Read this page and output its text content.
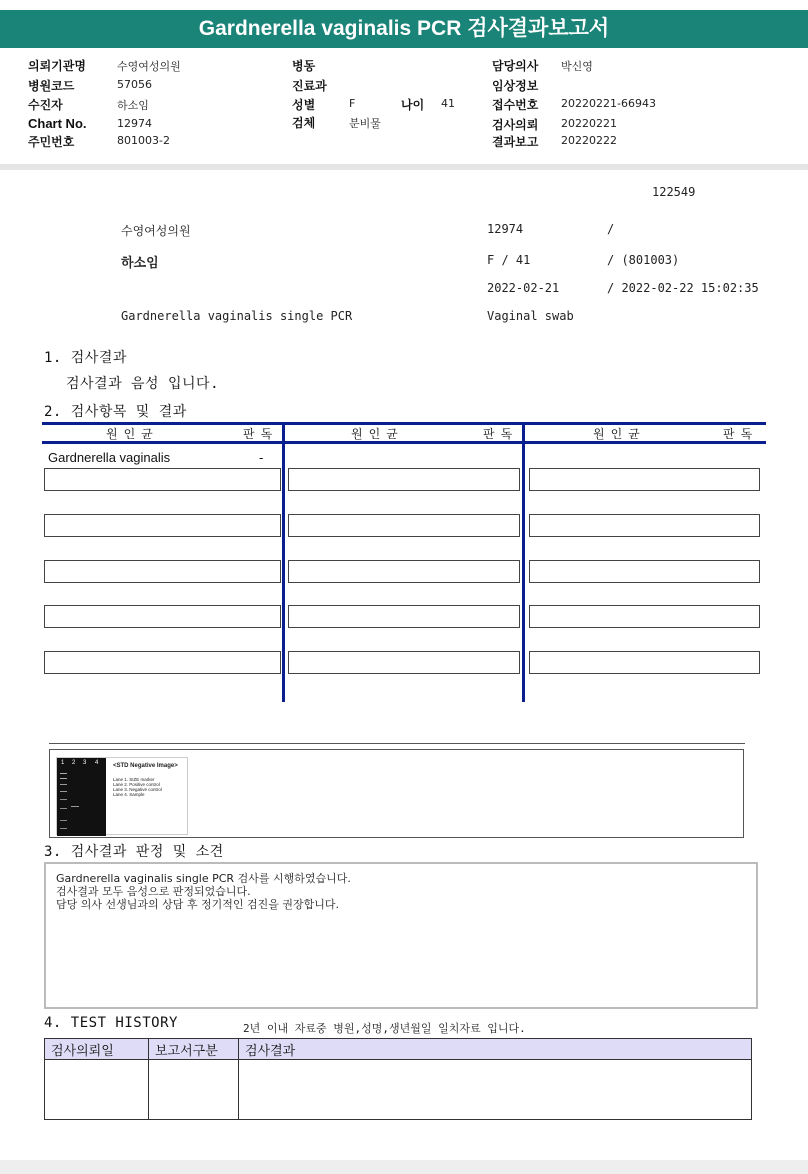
Gardnerella vaginalis PCR 검사결과보고서
의뢰기관명	수영여성의원	병동	담당의사 박신영
병원코드	57056	진료과	임상정보
수진자	하소임	성별	F	나이 41	접수번호 20220221-66943
Chart No.	12974	검체	분비물	검사의뢰 20220221
주민번호	801003-2	결과보고 20220222
122549
수영여성의원	12974	/
하소임	F / 41	/ (801003)
2022-02-21	/ 2022-02-22 15:02:35
Gardnerella vaginalis single PCR	Vaginal swab
1. 검사결과
검사결과 음성 입니다.
2. 검사항목 및 결과
원인균	판독	원인균	판독	원인균	판독
Gardnerella vaginalis	-
1 2 3 4 <STD Negative Image>
Lane 1. SIZE marker
Lane 2. Positive control
Lane 3. Negative control
Lane 4. Sample
3. 검사결과 판정 및 소견
Gardnerella vaginalis single PCR 검사를 시행하였습니다.
검사결과 모두 음성으로 판정되었습니다.
담당 의사 선생님과의 상담 후 정기적인 검진을 권장합니다.
4. TEST HISTORY	2년 이내 자료중 병원,성명,생년월일 일치자료 입니다.
검사의뢰일	보고서구분	검사결과
